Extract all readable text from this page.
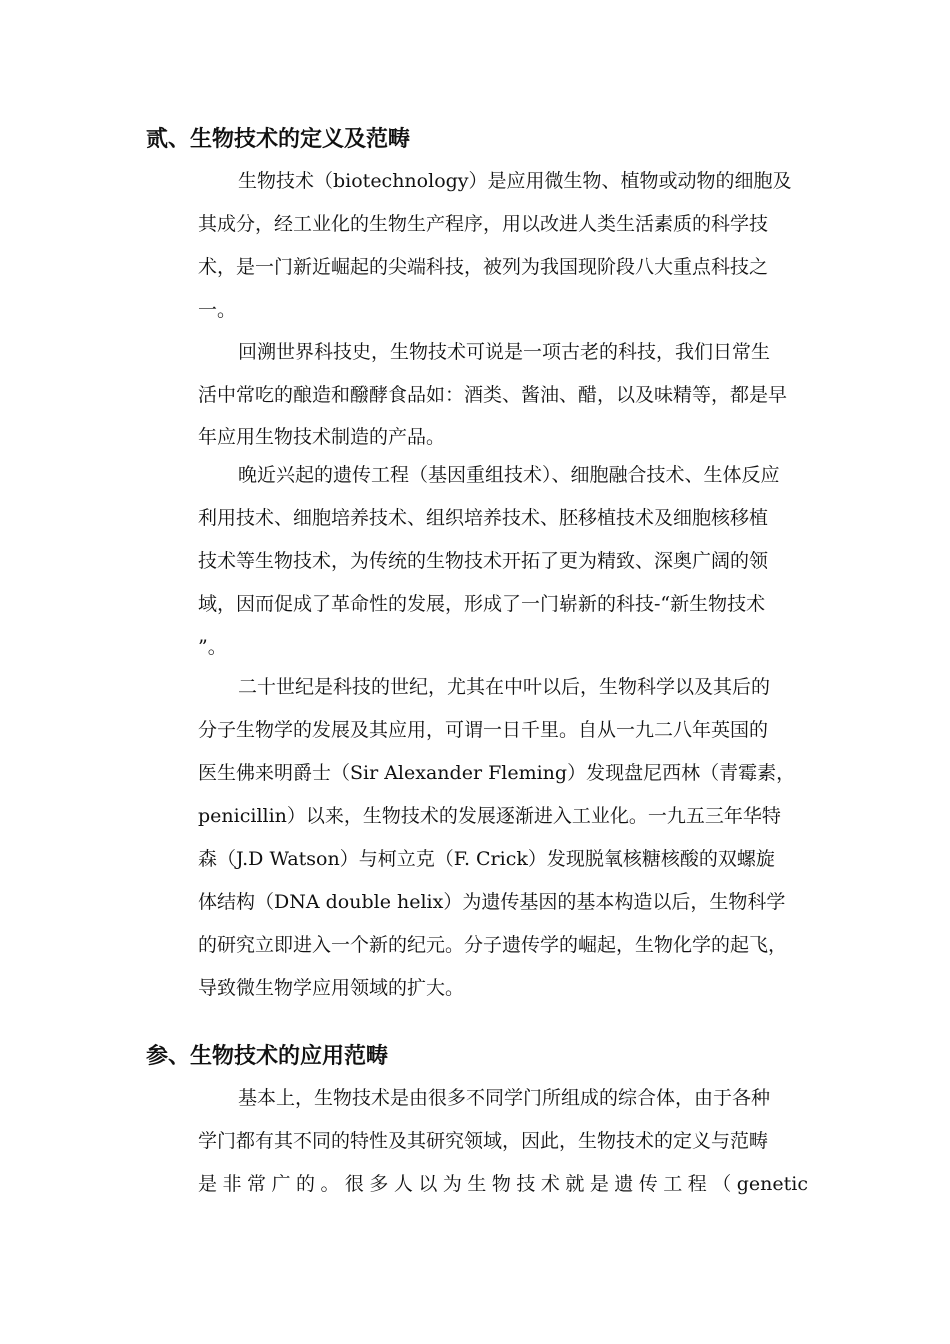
贰、生物技术的定义及范畴
生物技术（biotechnology）是应用微生物、植物或动物的细胞及
其成分，经工业化的生物生产程序，用以改进人类生活素质的科学技
术，是一门新近崛起的尖端科技，被列为我国现阶段八大重点科技之
一。
回溯世界科技史，生物技术可说是一项古老的科技，我们日常生
活中常吃的酿造和醱酵食品如：酒类、酱油、醋，以及味精等，都是早
年应用生物技术制造的产品。
晚近兴起的遗传工程（基因重组技术）、细胞融合技术、生体反应
利用技术、细胞培养技术、组织培养技术、胚移植技术及细胞核移植
技术等生物技术，为传统的生物技术开拓了更为精致、深奥广阔的领
域，因而促成了革命性的发展，形成了一门崭新的科技-“新生物技术
”。
二十世纪是科技的世纪，尤其在中叶以后，生物科学以及其后的
分子生物学的发展及其应用，可谓一日千里。自从一九二八年英国的
医生佛来明爵士（Sir Alexander Fleming）发现盘尼西林（青霉素，
penicillin）以来，生物技术的发展逐渐进入工业化。一九五三年华特
森（J.D Watson）与柯立克（F. Crick）发现脱氧核糖核酸的双螺旋
体结构（DNA double helix）为遗传基因的基本构造以后，生物科学
的研究立即进入一个新的纪元。分子遗传学的崛起，生物化学的起飞，
导致微生物学应用领域的扩大。
参、生物技术的应用范畴
基本上，生物技术是由很多不同学门所组成的综合体，由于各种
学门都有其不同的特性及其研究领域，因此，生物技术的定义与范畴
是非常广的。很多人以为生物技术就是遗传工程（genetic
